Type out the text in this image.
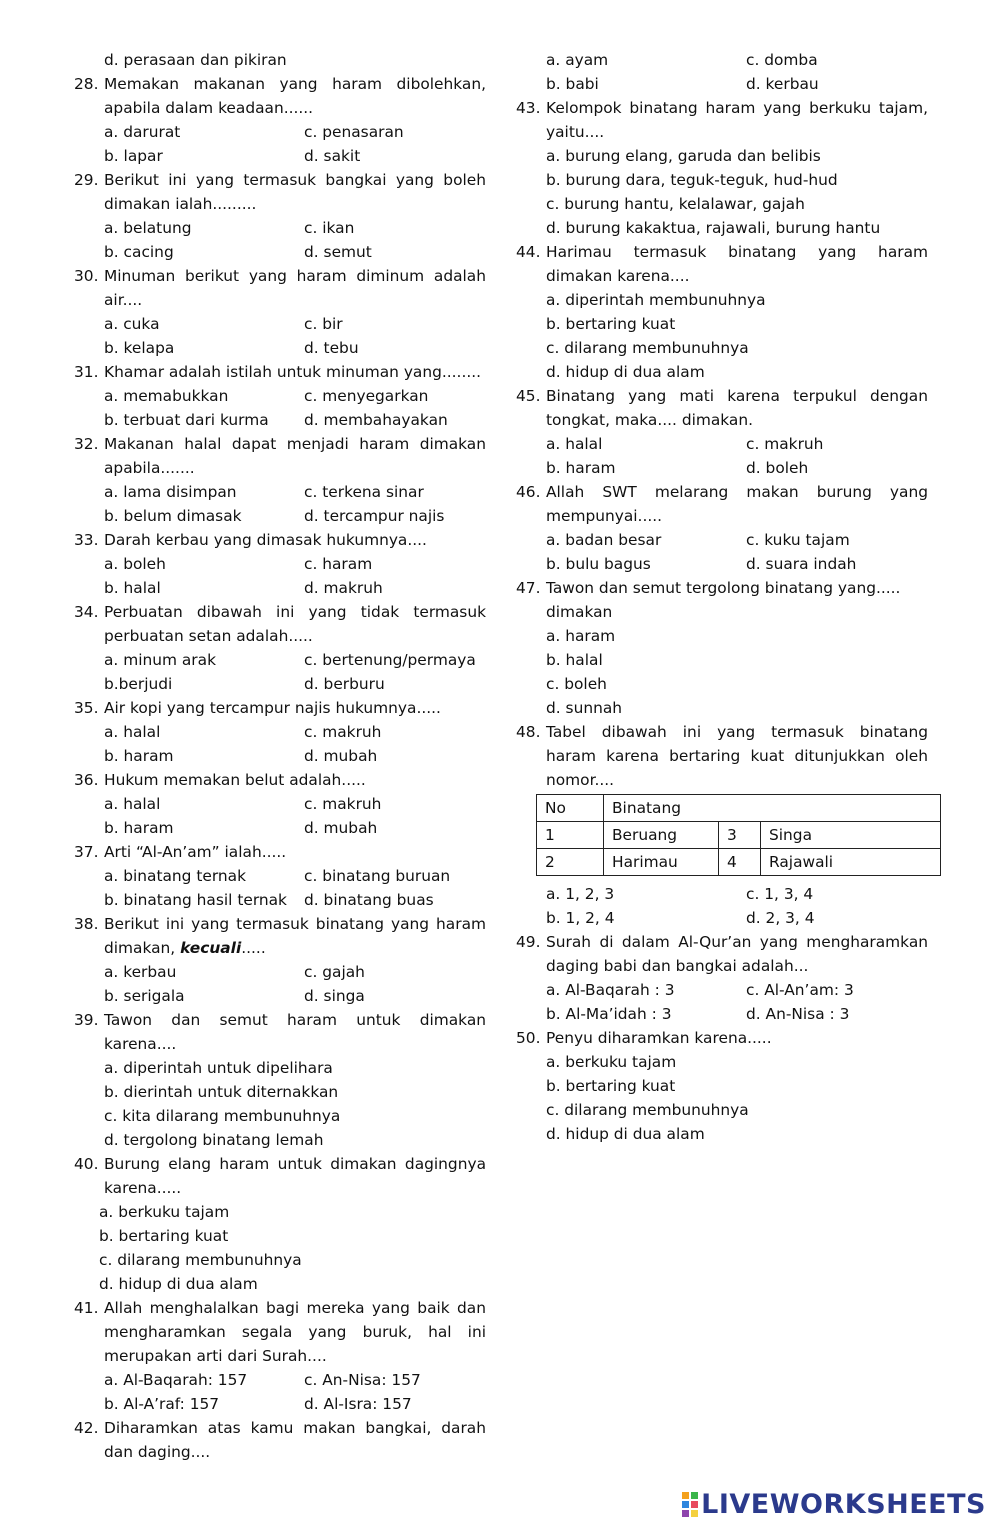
d. perasaan dan pikiran
28. Memakan makanan yang haram dibolehkan,
apabila dalam keadaan......
a. darurat	c. penasaran
b. lapar	d. sakit
29. Berikut ini yang termasuk bangkai yang boleh
dimakan ialah.........
a. belatung	c. ikan
b. cacing	d. semut
30. Minuman berikut yang haram diminum adalah
air....
a. cuka	c. bir
b. kelapa	d. tebu
31. Khamar adalah istilah untuk minuman yang........
a. memabukkan	c. menyegarkan
b. terbuat dari kurma	d. membahayakan
32. Makanan halal dapat menjadi haram dimakan
apabila.......
a. lama disimpan	c. terkena sinar
b. belum dimasak	d. tercampur najis
33. Darah kerbau yang dimasak hukumnya....
a. boleh	c. haram
b. halal	d. makruh
34. Perbuatan dibawah ini yang tidak termasuk
perbuatan setan adalah.....
a. minum arak	c. bertenung/permaya
b.berjudi	d. berburu
35. Air kopi yang tercampur najis hukumnya.....
a. halal	c. makruh
b. haram	d. mubah
36. Hukum memakan belut adalah.....
a. halal	c. makruh
b. haram	d. mubah
37. Arti “Al-An’am” ialah.....
a. binatang ternak	c. binatang buruan
b. binatang hasil ternak	d. binatang buas
38. Berikut ini yang termasuk binatang yang haram
dimakan, kecuali.....
a. kerbau	c. gajah
b. serigala	d. singa
39. Tawon dan semut haram untuk dimakan
karena....
a. diperintah untuk dipelihara
b. dierintah untuk diternakkan
c. kita dilarang membunuhnya
d. tergolong binatang lemah
40. Burung elang haram untuk dimakan dagingnya
karena.....
a. berkuku tajam
b. bertaring kuat
c. dilarang membunuhnya
d. hidup di dua alam
41. Allah menghalalkan bagi mereka yang baik dan
mengharamkan segala yang buruk, hal ini
merupakan arti dari Surah....
a. Al-Baqarah: 157	c. An-Nisa: 157
b. Al-A’raf: 157	d. Al-Isra: 157
42. Diharamkan atas kamu makan bangkai, darah
dan daging....
a. ayam	c. domba
b. babi	d. kerbau
43. Kelompok binatang haram yang berkuku tajam,
yaitu....
a. burung elang, garuda dan belibis
b. burung dara, teguk-teguk, hud-hud
c. burung hantu, kelalawar, gajah
d. burung kakaktua, rajawali, burung hantu
44. Harimau termasuk binatang yang haram
dimakan karena....
a. diperintah membunuhnya
b. bertaring kuat
c. dilarang membunuhnya
d. hidup di dua alam
45. Binatang yang mati karena terpukul dengan
tongkat, maka.... dimakan.
a. halal	c. makruh
b. haram	d. boleh
46. Allah SWT melarang makan burung yang
mempunyai.....
a. badan besar	c. kuku tajam
b. bulu bagus	d. suara indah
47. Tawon dan semut tergolong binatang yang.....
dimakan
a. haram
b. halal
c. boleh
d. sunnah
48. Tabel dibawah ini yang termasuk binatang
haram karena bertaring kuat ditunjukkan oleh
nomor....
No	Binatang		
1	Beruang	3	Singa
2	Harimau	4	Rajawali
a. 1, 2, 3	c. 1, 3, 4
b. 1, 2, 4	d. 2, 3, 4
49. Surah di dalam Al-Qur’an yang mengharamkan
daging babi dan bangkai adalah...
a. Al-Baqarah : 3	c. Al-An’am: 3
b. Al-Ma’idah : 3	d. An-Nisa : 3
50. Penyu diharamkan karena.....
a. berkuku tajam
b. bertaring kuat
c. dilarang membunuhnya
d. hidup di dua alam
LIVEWORKSHEETS
